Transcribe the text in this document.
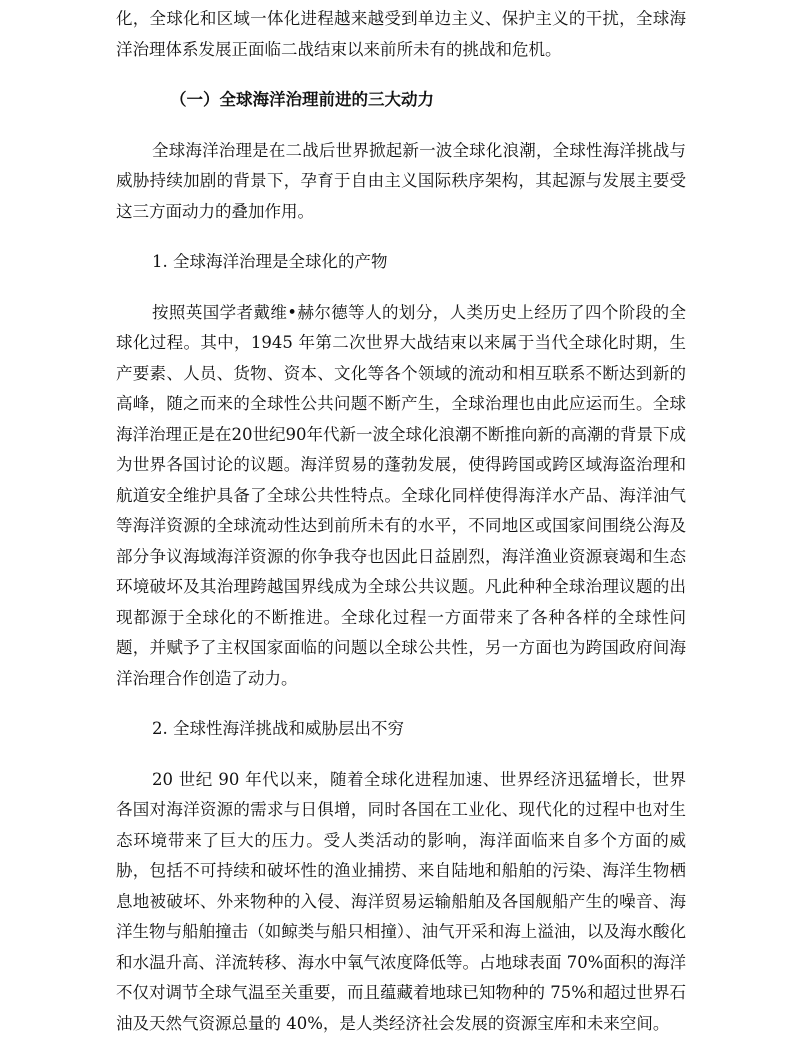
化，全球化和区域一体化进程越来越受到单边主义、保护主义的干扰，全球海洋治理体系发展正面临二战结束以来前所未有的挑战和危机。

（一）全球海洋治理前进的三大动力

全球海洋治理是在二战后世界掀起新一波全球化浪潮，全球性海洋挑战与威胁持续加剧的背景下，孕育于自由主义国际秩序架构，其起源与发展主要受这三方面动力的叠加作用。

1. 全球海洋治理是全球化的产物

按照英国学者戴维•赫尔德等人的划分，人类历史上经历了四个阶段的全球化过程。其中，1945 年第二次世界大战结束以来属于当代全球化时期，生产要素、人员、货物、资本、文化等各个领域的流动和相互联系不断达到新的高峰，随之而来的全球性公共问题不断产生，全球治理也由此应运而生。全球海洋治理正是在20世纪90年代新一波全球化浪潮不断推向新的高潮的背景下成为世界各国讨论的议题。海洋贸易的蓬勃发展，使得跨国或跨区域海盗治理和航道安全维护具备了全球公共性特点。全球化同样使得海洋水产品、海洋油气等海洋资源的全球流动性达到前所未有的水平，不同地区或国家间围绕公海及部分争议海域海洋资源的你争我夺也因此日益剧烈，海洋渔业资源衰竭和生态环境破坏及其治理跨越国界线成为全球公共议题。凡此种种全球治理议题的出现都源于全球化的不断推进。全球化过程一方面带来了各种各样的全球性问题，并赋予了主权国家面临的问题以全球公共性，另一方面也为跨国政府间海洋治理合作创造了动力。

2. 全球性海洋挑战和威胁层出不穷

20 世纪 90 年代以来，随着全球化进程加速、世界经济迅猛增长，世界各国对海洋资源的需求与日俱增，同时各国在工业化、现代化的过程中也对生态环境带来了巨大的压力。受人类活动的影响，海洋面临来自多个方面的威胁，包括不可持续和破坏性的渔业捕捞、来自陆地和船舶的污染、海洋生物栖息地被破坏、外来物种的入侵、海洋贸易运输船舶及各国舰船产生的噪音、海洋生物与船舶撞击（如鲸类与船只相撞）、油气开采和海上溢油，以及海水酸化和水温升高、洋流转移、海水中氧气浓度降低等。占地球表面 70%面积的海洋不仅对调节全球气温至关重要，而且蕴藏着地球已知物种的 75%和超过世界石油及天然气资源总量的 40%，是人类经济社会发展的资源宝库和未来空间。
